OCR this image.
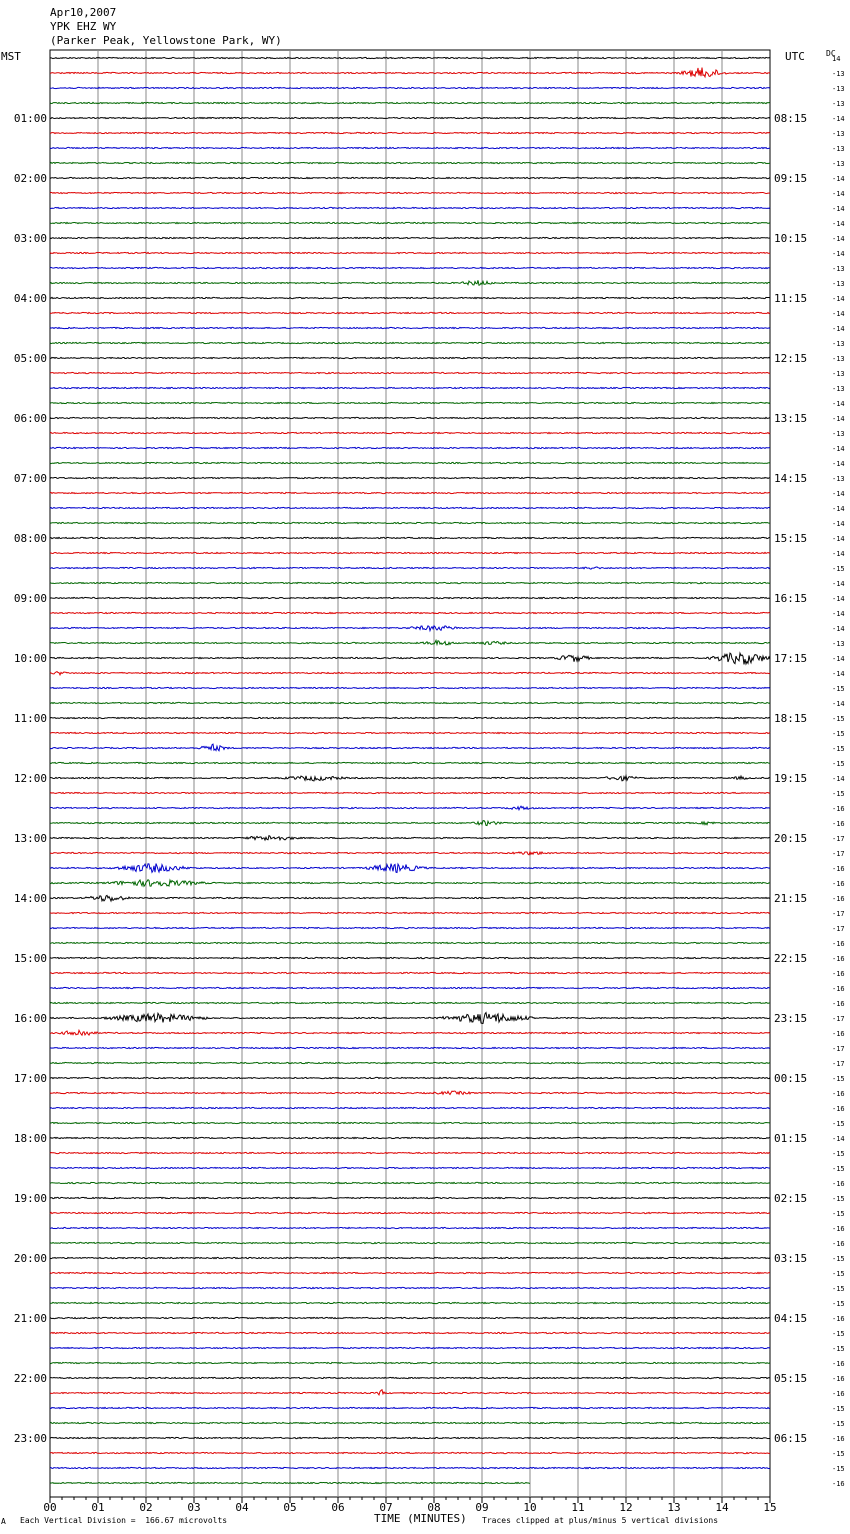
14
-13
-13
-13
-14
-13
-13
-13
-14
-14
-14
-14
-14
-14
-13
-13
-14
-14
-14
-13
-13
-13
-13
-14
-14
-13
-14
-14
-13
-14
-14
-14
-14
-14
-15
-14
-14
-14
-14
-13
-14
-14
-15
-14
-15
-15
-15
-15
-14
-15
-16
-16
-17
-17
-16
-16
-16
-17
-17
-16
-16
-16
-16
-16
-17
-16
-17
-17
-15
-16
-16
-15
-14
-15
-15
-16
-15
-15
-16
-16
-15
-15
-15
-15
-16
-15
-15
-16
-16
-16
-15
-15
-16
-15
-15
-16
01:00	08:15
02:00	09:15
03:00	10:15
04:00	11:15
05:00	12:15
06:00	13:15
07:00	14:15
08:00	15:15
09:00	16:15
10:00	17:15
11:00	18:15
12:00	19:15
13:00	20:15
14:00	21:15
15:00	22:15
16:00	23:15
17:00	00:15
18:00	01:15
19:00	02:15
20:00	03:15
21:00	04:15
22:00	05:15
23:00	06:15
00	01	02	03	04	05	06	07	08	09	10	11	12	13	14	15
Apr10,2007
YPK EHZ WY
(Parker Peak, Yellowstone Park, WY)
MST	UTC	DC
A Each Vertical Division =  166.67 microvolts	TIME (MINUTES) Traces clipped at plus/minus 5 vertical divisions
